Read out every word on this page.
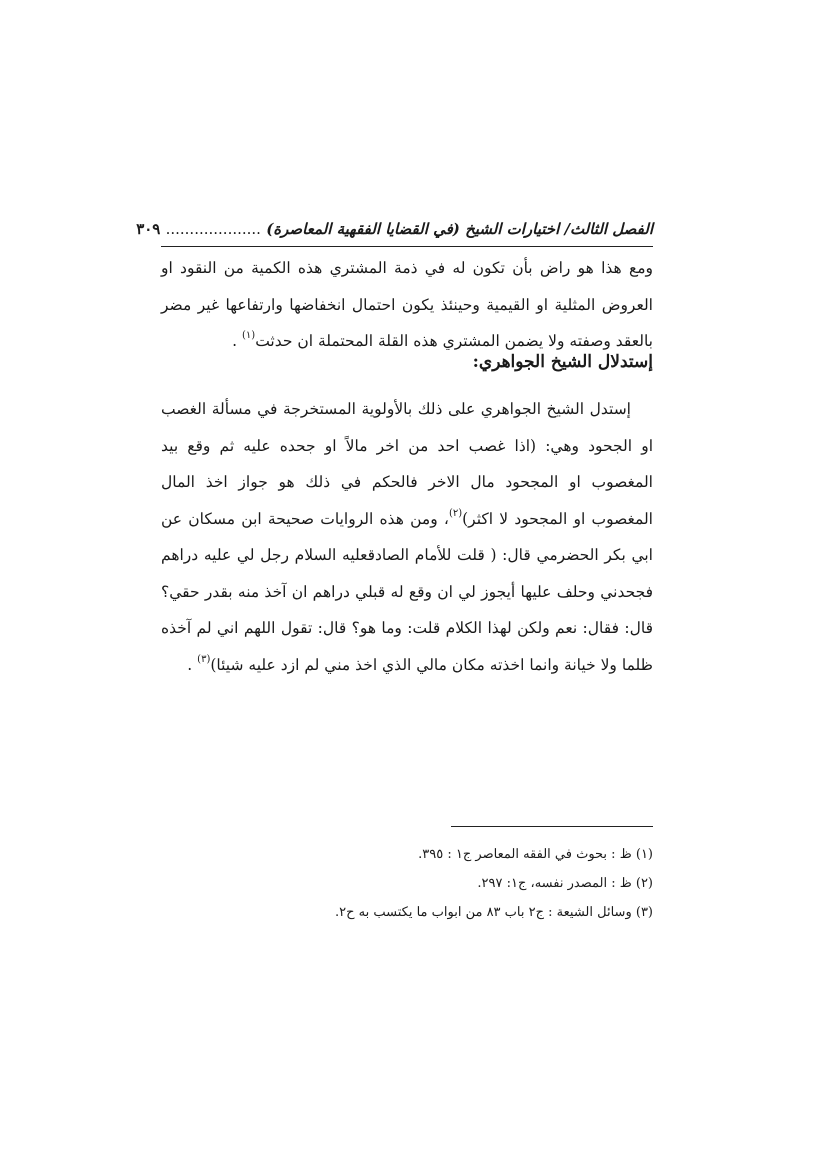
الفصل الثالث/ اختيارات الشيخ (في القضايا الفقهية المعاصرة) .................... ٣٠٩

ومع هذا هو راض بأن تكون له في ذمة المشتري هذه الكمية من النقود او العروض المثلية او القيمية وحينئذ يكون احتمال انخفاضها وارتفاعها غير مضر بالعقد وصفته ولا يضمن المشتري هذه القلة المحتملة ان حدثت$^{(١)}$ .

إستدلال الشيخ الجواهري:

إستدل الشيخ الجواهري على ذلك بالأولوية المستخرجة في مسألة الغصب او الجحود وهي: (اذا غصب احد من اخر مالاً او جحده عليه ثم وقع بيد المغصوب او المجحود مال الاخر فالحكم في ذلك هو جواز اخذ المال المغصوب او المجحود لا اكثر)$^{(٢)}$، ومن هذه الروايات صحيحة ابن مسكان عن ابي بكر الحضرمي قال: ( قلت للأمام الصادقعليه السلام رجل لي عليه دراهم فجحدني وحلف عليها أيجوز لي ان وقع له قبلي دراهم ان آخذ منه بقدر حقي؟ قال: فقال: نعم ولكن لهذا الكلام قلت: وما هو؟ قال: تقول اللهم اني لم آخذه ظلما ولا خيانة وانما اخذته مكان مالي الذي اخذ مني لم ازد عليه شيئا)$^{(٣)}$ .

(١) ظ : بحوث في الفقه المعاصر ج١ : ٣٩٥.

(٢) ظ : المصدر نفسه، ج١: ٢٩٧.

(٣) وسائل الشيعة : ج٢ باب ٨٣ من ابواب ما يكتسب به ح٢.
